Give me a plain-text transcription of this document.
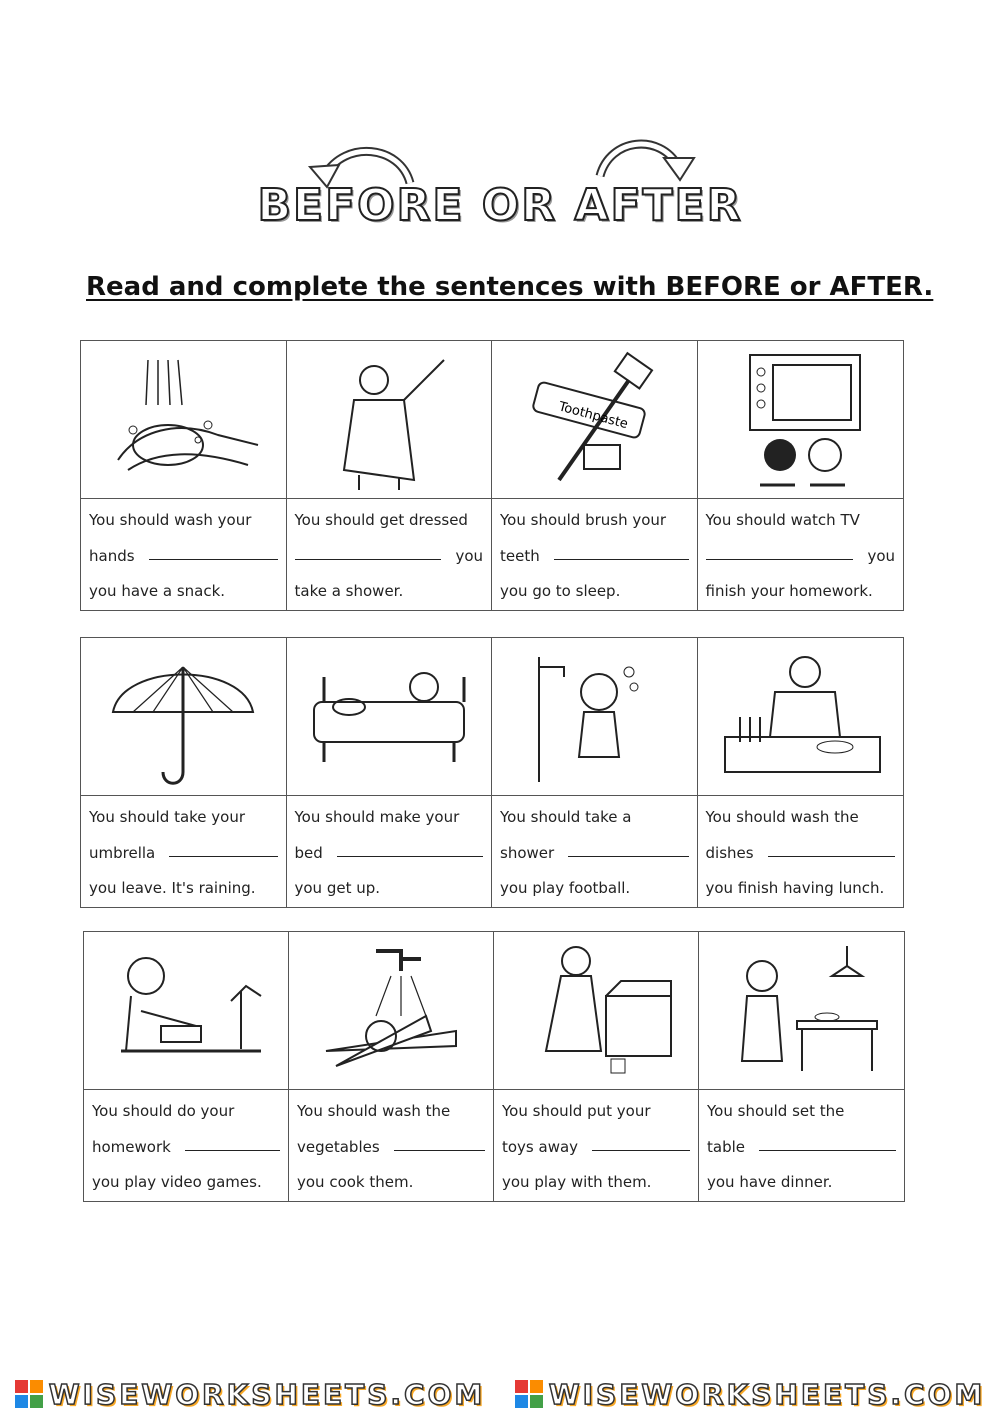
BEFORE OR AFTER
Read and complete the sentences with BEFORE or AFTER.
You should wash your
hands
you have a snack.
You should get dressed
you
take a shower.
Toothpaste
You should brush your
teeth
you go to sleep.
You should watch TV
you
finish your homework.
You should take your
umbrella
you leave. It's raining.
You should make your
bed
you get up.
You should take a
shower
you play football.
You should wash the
dishes
you finish having lunch.
You should do your
homework
you play video games.
You should wash the
vegetables
you cook them.
You should put your
toys away
you play with them.
You should set the
table
you have dinner.
WISEWORKSHEETS.COM WISEWORKSHEETS.COM
